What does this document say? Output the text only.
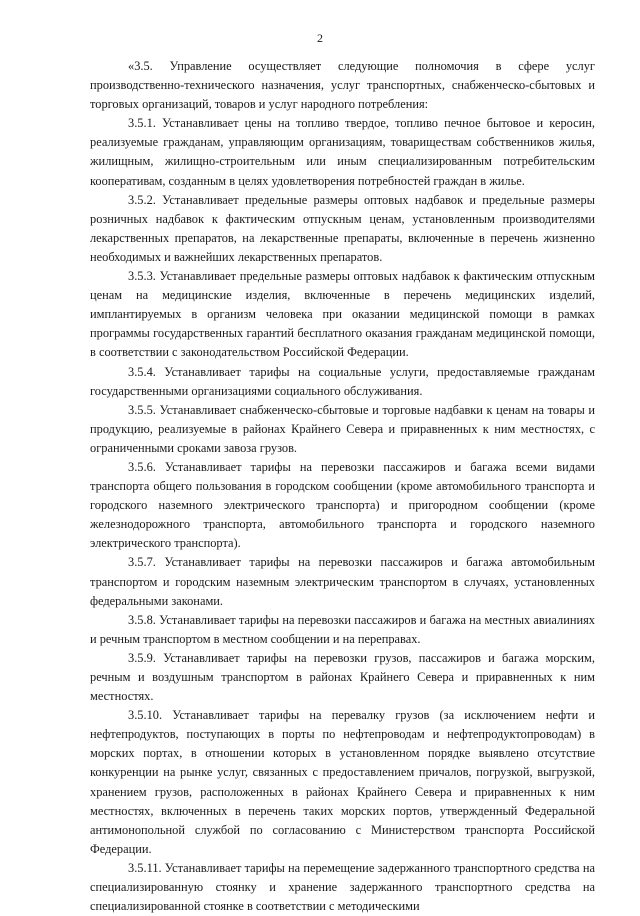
2

«3.5. Управление осуществляет следующие полномочия в сфере услуг производственно-технического назначения, услуг транспортных, снабженческо-сбытовых и торговых организаций, товаров и услуг народного потребления:

3.5.1. Устанавливает цены на топливо твердое, топливо печное бытовое и керосин, реализуемые гражданам, управляющим организациям, товариществам собственников жилья, жилищным, жилищно-строительным или иным специализированным потребительским кооперативам, созданным в целях удовлетворения потребностей граждан в жилье.

3.5.2. Устанавливает предельные размеры оптовых надбавок и предельные размеры розничных надбавок к фактическим отпускным ценам, установленным производителями лекарственных препаратов, на лекарственные препараты, включенные в перечень жизненно необходимых и важнейших лекарственных препаратов.

3.5.3. Устанавливает предельные размеры оптовых надбавок к фактическим отпускным ценам на медицинские изделия, включенные в перечень медицинских изделий, имплантируемых в организм человека при оказании медицинской помощи в рамках программы государственных гарантий бесплатного оказания гражданам медицинской помощи, в соответствии с законодательством Российской Федерации.

3.5.4. Устанавливает тарифы на социальные услуги, предоставляемые гражданам государственными организациями социального обслуживания.

3.5.5. Устанавливает снабженческо-сбытовые и торговые надбавки к ценам на товары и продукцию, реализуемые в районах Крайнего Севера и приравненных к ним местностях, с ограниченными сроками завоза грузов.

3.5.6. Устанавливает тарифы на перевозки пассажиров и багажа всеми видами транспорта общего пользования в городском сообщении (кроме автомобильного транспорта и городского наземного электрического транспорта) и пригородном сообщении (кроме железнодорожного транспорта, автомобильного транспорта и городского наземного электрического транспорта).

3.5.7. Устанавливает тарифы на перевозки пассажиров и багажа автомобильным транспортом и городским наземным электрическим транспортом в случаях, установленных федеральными законами.

3.5.8. Устанавливает тарифы на перевозки пассажиров и багажа на местных авиалиниях и речным транспортом в местном сообщении и на переправах.

3.5.9. Устанавливает тарифы на перевозки грузов, пассажиров и багажа морским, речным и воздушным транспортом в районах Крайнего Севера и приравненных к ним местностях.

3.5.10. Устанавливает тарифы на перевалку грузов (за исключением нефти и нефтепродуктов, поступающих в порты по нефтепроводам и нефтепродуктопроводам) в морских портах, в отношении которых в установленном порядке выявлено отсутствие конкуренции на рынке услуг, связанных с предоставлением причалов, погрузкой, выгрузкой, хранением грузов, расположенных в районах Крайнего Севера и приравненных к ним местностях, включенных в перечень таких морских портов, утвержденный Федеральной антимонопольной службой по согласованию с Министерством транспорта Российской Федерации.

3.5.11. Устанавливает тарифы на перемещение задержанного транспортного средства на специализированную стоянку и хранение задержанного транспортного средства на специализированной стоянке в соответствии с методическими
